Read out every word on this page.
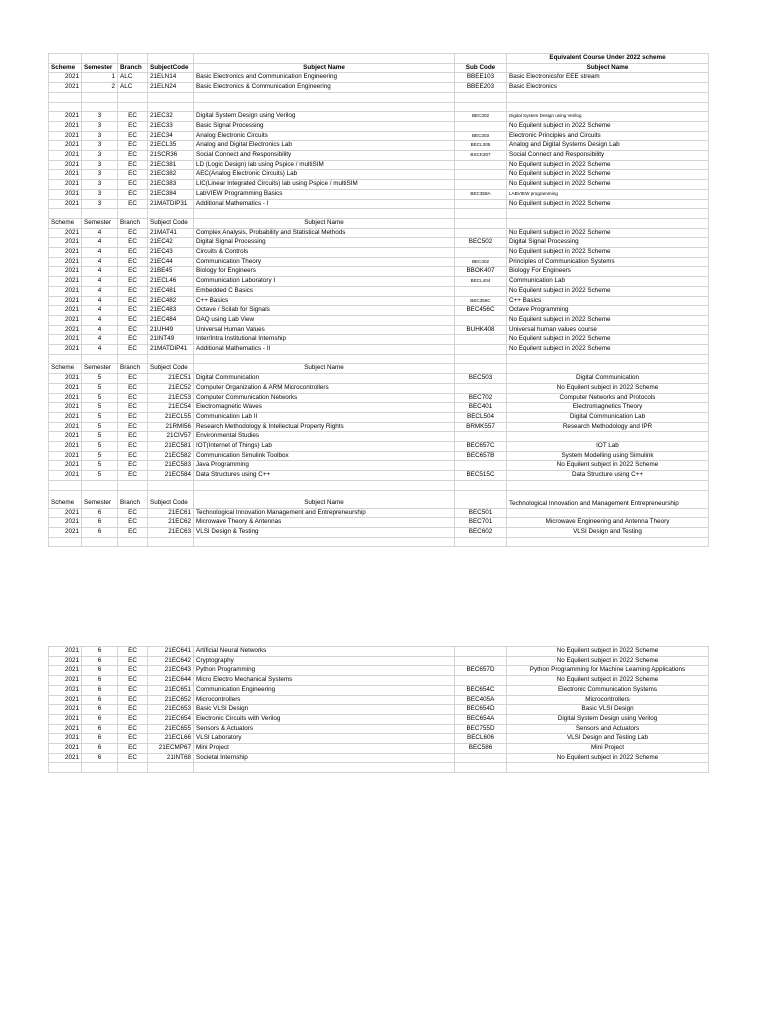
						Equivalent Course Under 2022 scheme
Scheme	Semester	Branch	SubjectCode	Subject Name	Sub Code	Subject Name
2021	1	ALC	21ELN14	Basic Electronics and Communication Engineering	BBEE103	Basic Electronicsfor EEE stream
2021	2	ALC	21ELN24	Basic Electronics & Communication Engineering	BBEE203	Basic Electronics

2021	3	EC	21EC32	Digital System Design using Verilog	BEC302	Digital System Design using Verilog
2021	3	EC	21EC33	Basic Signal Processing		No Equilent subject in 2022 Scheme
2021	3	EC	21EC34	Analog Electronic Circuits	BEC303	Electronic Principles and Circuits
2021	3	EC	21ECL35	Analog and Digital Electronics Lab	BECL305	Analog and Digital Systems Design Lab
2021	3	EC	21SCR36	Social Connect and Responsibility	BSCK307	Social Connect and Responsibility
2021	3	EC	21EC381	LD (Logic Design) lab using Pspice / multiSIM		No Equilent subject in 2022 Scheme
2021	3	EC	21EC382	AEC(Analog Electronic Circuits) Lab		No Equilent subject in 2022 Scheme
2021	3	EC	21EC383	LIC(Linear Integrated Circuits) lab using Pspice / multiSIM		No Equilent subject in 2022 Scheme
2021	3	EC	21EC384	LabVIEW Programming Basics	BEC358A	LABVIEW programming
2021	3	EC	21MATDIP31	Additional Mathematics - I		No Equilent subject in 2022 Scheme

Scheme	Semester	Branch	Subject Code	Subject Name		
2021	4	EC	21MAT41	Complex Analysis, Probability and Statistical Methods		No Equilent subject in 2022 Scheme
2021	4	EC	21EC42	Digital Signal Processing	BEC502	Digital Signal Processing
2021	4	EC	21EC43	Circuits & Controls		No Equilent subject in 2022 Scheme
2021	4	EC	21EC44	Communication Theory	BEC402	Principles of Communication Systems
2021	4	EC	21BE45	Biology for Engineers	BBOK407	Biology For Engineers
2021	4	EC	21ECL46	Communication Laboratory I	BECL404	Communication Lab
2021	4	EC	21EC481	Embedded C Basics		No Equilent subject in 2022 Scheme
2021	4	EC	21EC482	C++ Basics	BEC358C	C++ Basics
2021	4	EC	21EC483	Octave / Scilab for Signals	BEC456C	Octave Programming
2021	4	EC	21EC484	DAQ using Lab View		No Equilent subject in 2022 Scheme
2021	4	EC	21UH49	Universal Human Values	BUHK408	Universal human values course
2021	4	EC	21INT49	Inter/Intra Institutional Internship		No Equilent subject in 2022 Scheme
2021	4	EC	21MATDIP41	Additional Mathematics - II		No Equilent subject in 2022 Scheme

Scheme	Semester	Branch	Subject Code	Subject Name		
2021	5	EC	21EC51	Digital Communication	BEC503	Digital Communication
2021	5	EC	21EC52	Computer Organization & ARM Microcontrollers		No Equilent subject in 2022 Scheme
2021	5	EC	21EC53	Computer Communication Networks	BEC702	Computer Networks and Protocols
2021	5	EC	21EC54	Electromagnetic Waves	BEC401	Electromagnetics Theory
2021	5	EC	21ECL55	Communication Lab II	BECL504	Digital Communication Lab
2021	5	EC	21RMI56	Research Methodology & Intellectual Property Rights	BRMK557	Research Methodology and IPR
2021	5	EC	21CIV57	Environmental Studies		
2021	5	EC	21EC581	IOT(Internet of Things) Lab	BEC657C	IOT Lab
2021	5	EC	21EC582	Communication Simulink Toolbox	BEC657B	System Modelling using Simulink
2021	5	EC	21EC583	Java Programming		No Equilent subject in 2022 Scheme
2021	5	EC	21EC584	Data Structures using C++	BEC515C	Data Structure using C++

Scheme	Semester	Branch	Subject Code	Subject Name		Technological Innovation and Management Entrepreneurship
2021	6	EC	21EC61	Technological Innovation Management and Entrepreneurship	BEC501	
2021	6	EC	21EC62	Microwave Theory & Antennas	BEC701	Microwave Engineering and Antenna Theory
2021	6	EC	21EC63	VLSI Design & Testing	BEC602	VLSI Design and Testing

2021	6	EC	21EC641	Artificial Neural Networks		No Equilent subject in 2022 Scheme
2021	6	EC	21EC642	Cryptography		No Equilent subject in 2022 Scheme
2021	6	EC	21EC643	Python Programming	BEC657D	Python Programming for Machine Learning Applications
2021	6	EC	21EC644	Micro Electro Mechanical Systems		No Equilent subject in 2022 Scheme
2021	6	EC	21EC651	Communication Engineering	BEC654C	Electronic Communication Systems
2021	6	EC	21EC652	Microcontrollers	BEC405A	Microcontrollers
2021	6	EC	21EC653	Basic VLSI Design	BEC654D	Basic VLSI Design
2021	6	EC	21EC654	Electronic Circuits with Verilog	BEC654A	Digital System Design using Verilog
2021	6	EC	21EC655	Sensors & Actuators	BEC755D	Sensors and Actuators
2021	6	EC	21ECL66	VLSI Laboratory	BECL606	VLSI Design and Testing Lab
2021	6	EC	21ECMP67	Mini Project	BEC586	Mini Project
2021	6	EC	21INT68	Societal Internship		No Equilent subject in 2022 Scheme
